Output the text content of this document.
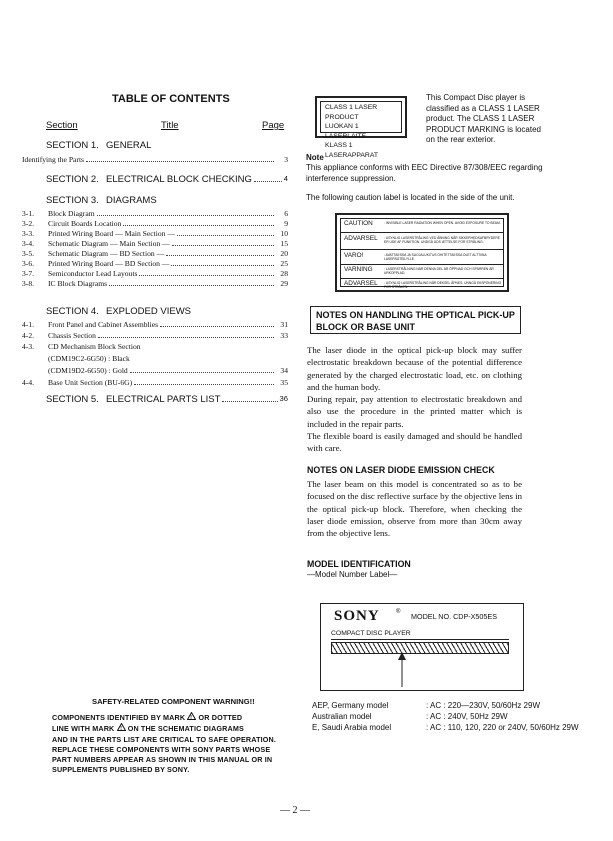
TABLE OF CONTENTS
Section	Title	Page
SECTION 1. GENERAL
Identifying the Parts	3
SECTION 2. ELECTRICAL BLOCK CHECKING	4
SECTION 3. DIAGRAMS
3-1.	Block Diagram	6
3-2.	Circuit Boards Location	9
3-3.	Printed Wiring Board — Main Section —	10
3-4.	Schematic Diagram — Main Section —	15
3-5.	Schematic Diagram — BD Section —	20
3-6.	Printed Wiring Board — BD Section —	25
3-7.	Semiconductor Lead Layouts	28
3-8.	IC Block Diagrams	29
SECTION 4. EXPLODED VIEWS
4-1.	Front Panel and Cabinet Assemblies	31
4-2.	Chassis Section	33
4-3.	CD Mechanism Block Section
(CDM19C2-6G50) : Black
(CDM19D2-6G50) : Gold	34
4-4.	Base Unit Section (BU-6G)	35
SECTION 5. ELECTRICAL PARTS LIST	36
CLASS 1 LASER PRODUCT
LUOKAN 1 LASERLAITE
KLASS 1 LASERAPPARAT
This Compact Disc player is classified as a CLASS 1 LASER product. The CLASS 1 LASER PRODUCT MARKING is located on the rear exterior.
Note
This appliance conforms with EEC Directive 87/308/EEC regarding interference suppression.
The following caution label is located in the side of the unit.
CAUTION	: INVISIBLE LASER RADIATION WHEN OPEN. AVOID EXPOSURE TO BEAM.
ADVARSEL	: USYNLIG LASERSTRÅLING VED ÅBNING NÅR SIKKERHEDSAFBRYDERE ER UDE AF FUNKTION. UNDGÅ UDS ÆTTELSE FOR STRÅLING.
VARO!	: AVATTAESSA JA SUOJALUKITUS OHITETTAESSA OLET ALTTIINA LASERSÄTEILYLLE.
VARNING	: LASERSTRÅLNING NÄR DENNA DEL ÄR ÖPPNAD OCH SPÄRREN ÄR URKOPPLAD.
ADVARSEL	: USYNLIG LASERSTRÅLING NÅR DEKSEL ÅPNES. UNNGÅ EKSPONERING FOR STRÅLEN.
NOTES ON HANDLING THE OPTICAL PICK-UP BLOCK OR BASE UNIT
The laser diode in the optical pick-up block may suffer electrostatic breakdown because of the potential difference generated by the charged electrostatic load, etc. on clothing and the human body.
During repair, pay attention to electrostatic breakdown and also use the procedure in the printed matter which is included in the repair parts.
The flexible board is easily damaged and should be handled with care.
NOTES ON LASER DIODE EMISSION CHECK
The laser beam on this model is concentrated so as to be focused on the disc reflective surface by the objective lens in the optical pick-up block. Therefore, when checking the laser diode emission, observe from more than 30cm away from the objective lens.
MODEL IDENTIFICATION
—Model Number Label—
SONY	® MODEL NO. CDP-X505ES
COMPACT DISC PLAYER
AEP, Germany model	: AC : 220—230V, 50/60Hz 29W
Australian model	: AC : 240V, 50Hz 29W
E, Saudi Arabia model	: AC : 110, 120, 220 or 240V, 50/60Hz 29W
SAFETY-RELATED COMPONENT WARNING!!
COMPONENTS IDENTIFIED BY MARK ! OR DOTTED
LINE WITH MARK ! ON THE SCHEMATIC DIAGRAMS
AND IN THE PARTS LIST ARE CRITICAL TO SAFE OPERATION. REPLACE THESE COMPONENTS WITH SONY PARTS WHOSE PART NUMBERS APPEAR AS SHOWN IN THIS MANUAL OR IN SUPPLEMENTS PUBLISHED BY SONY.
— 2 —
